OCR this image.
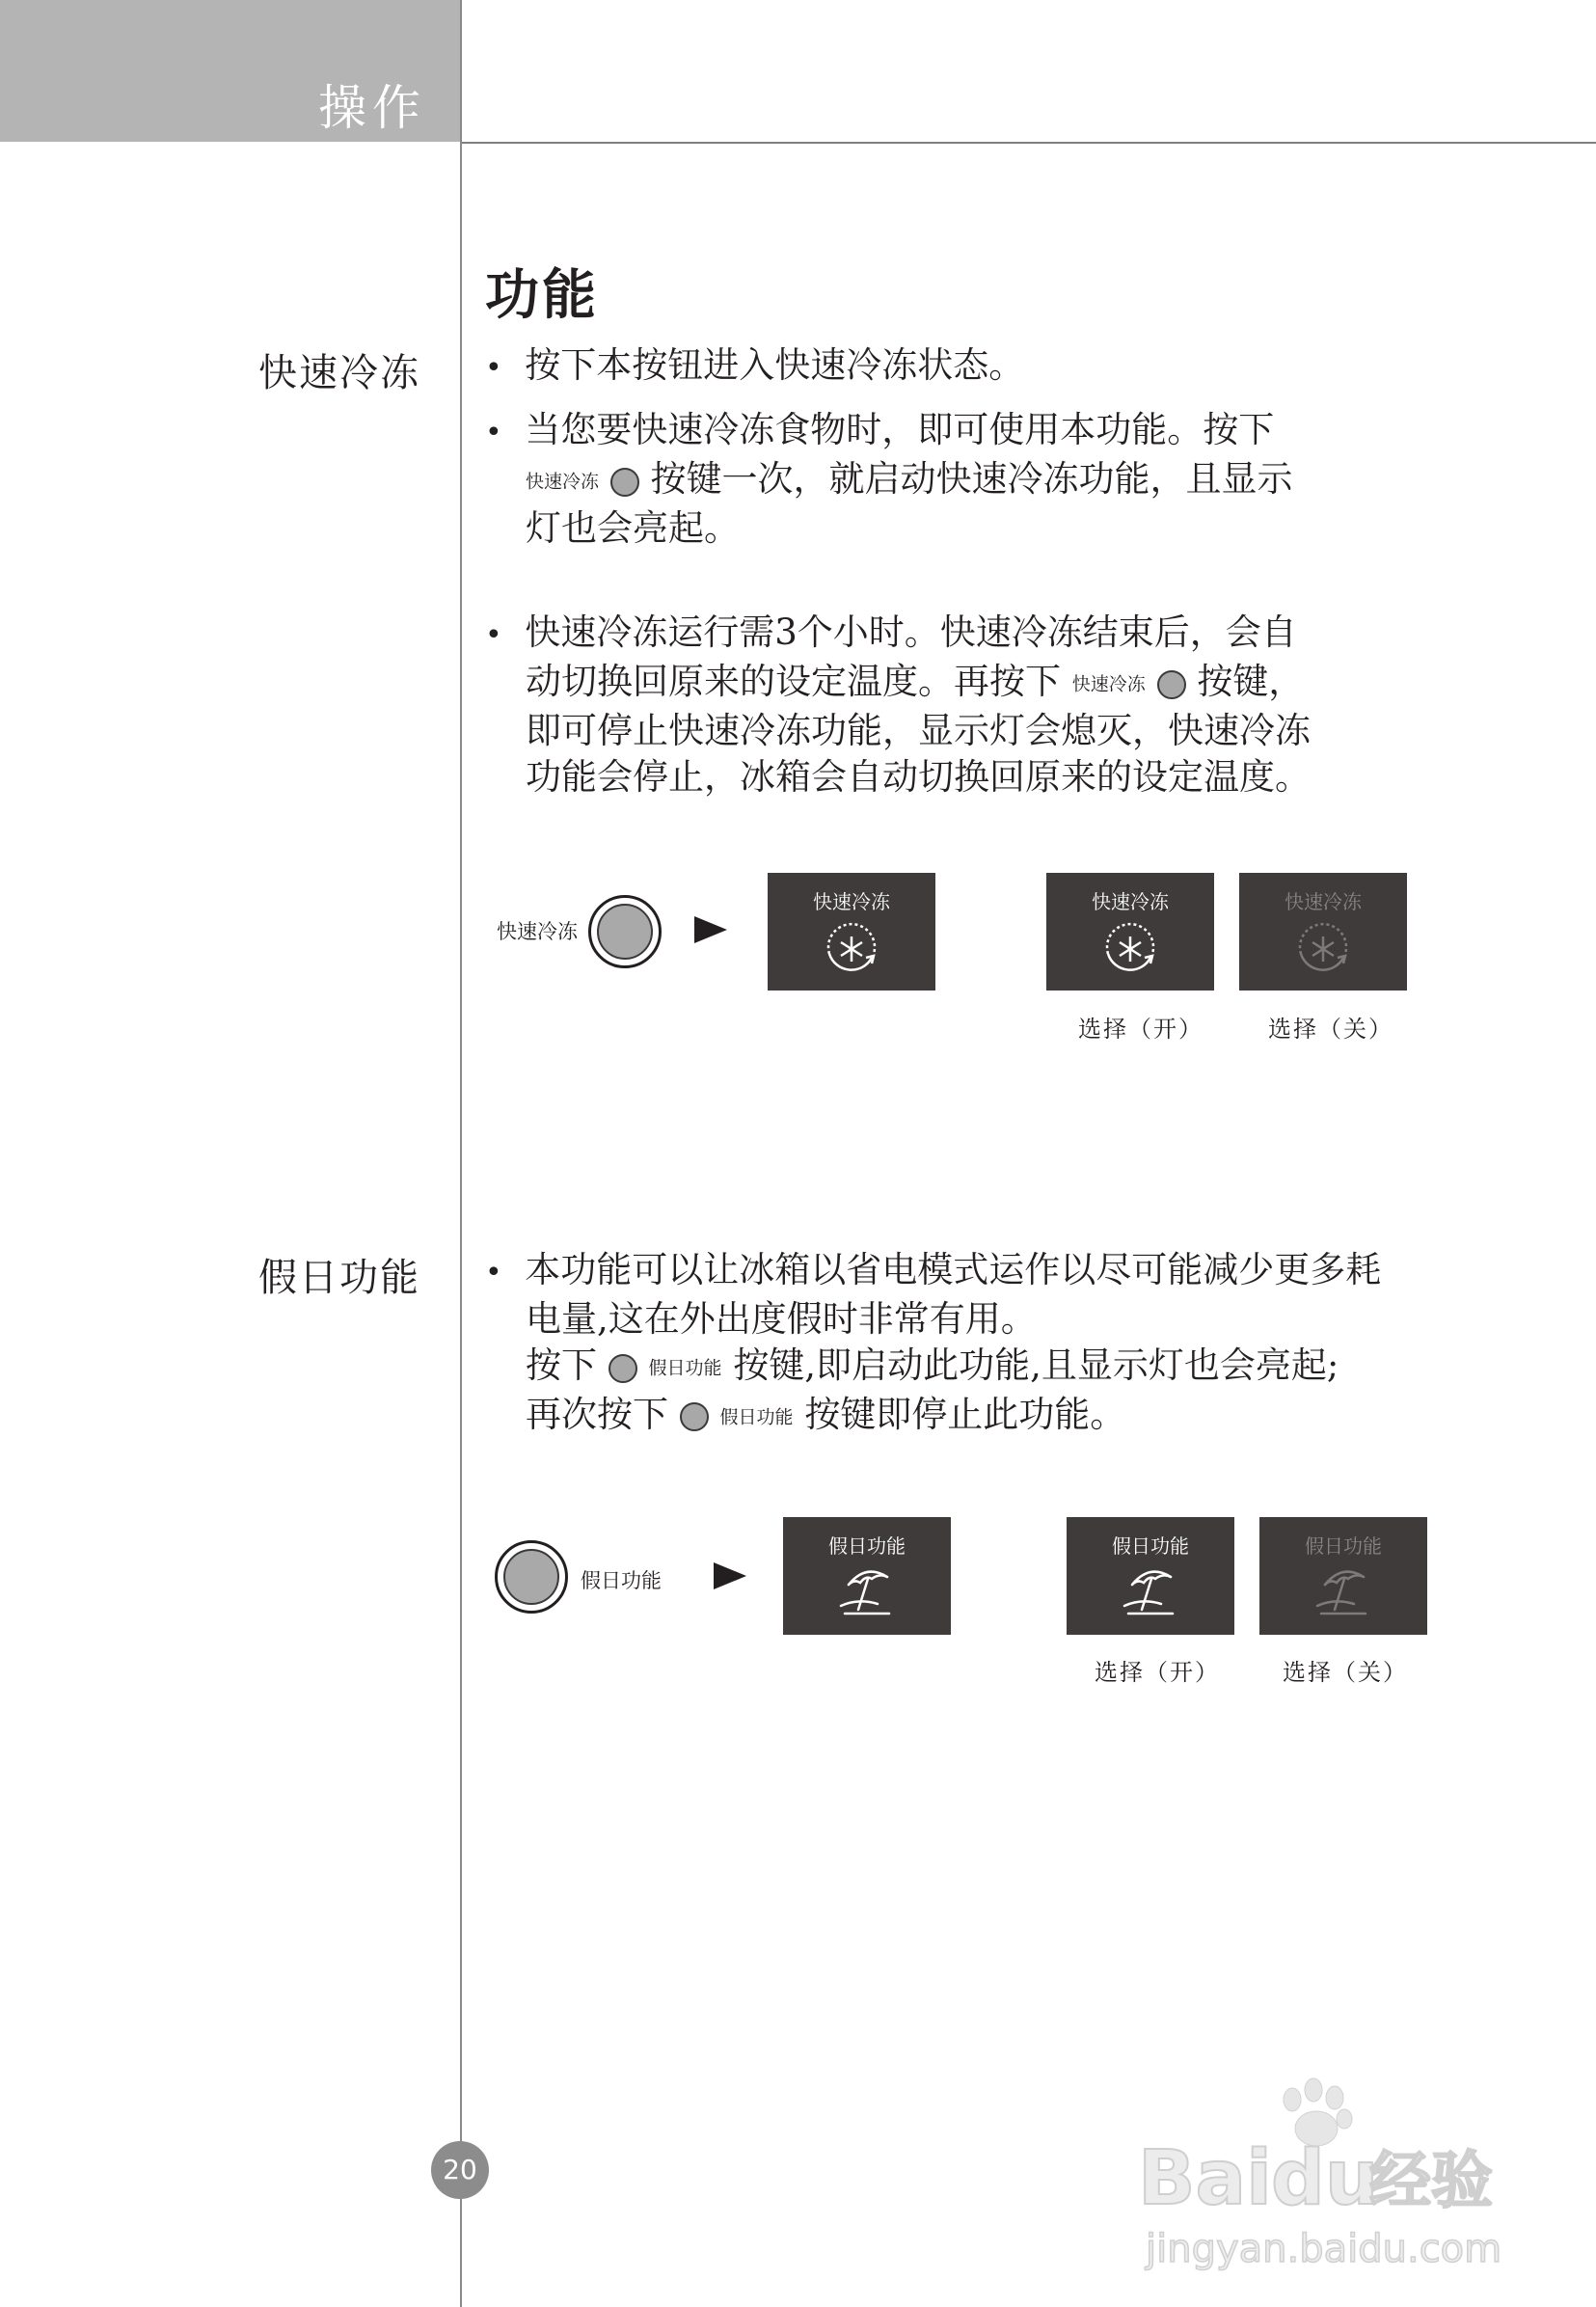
操作
功能
快速冷冻 • 按下本按钮进入快速冷冻状态。
• 当您要快速冷冻食物时，即可使用本功能。按下
快速冷冻 按键一次，就启动快速冷冻功能，且显示
灯也会亮起。
• 快速冷冻运行需3个小时。快速冷冻结束后，会自
动切换回原来的设定温度。再按下 快速冷冻 按键，
即可停止快速冷冻功能，显示灯会熄灭，快速冷冻
功能会停止，冰箱会自动切换回原来的设定温度。
快速冷冻
快速冷冻	快速冷冻	快速冷冻
选择（开）	选择（关）
假日功能 • 本功能可以让冰箱以省电模式运作以尽可能减少更多耗
电量,这在外出度假时非常有用。
按下	假日功能 按键,即启动此功能,且显示灯也会亮起;
再次按下	假日功能 按键即停止此功能。
假日功能
假日功能	假日功能	假日功能
选择（开）	选择（关）
20	Bai du
经验
jingyan.baidu.com
